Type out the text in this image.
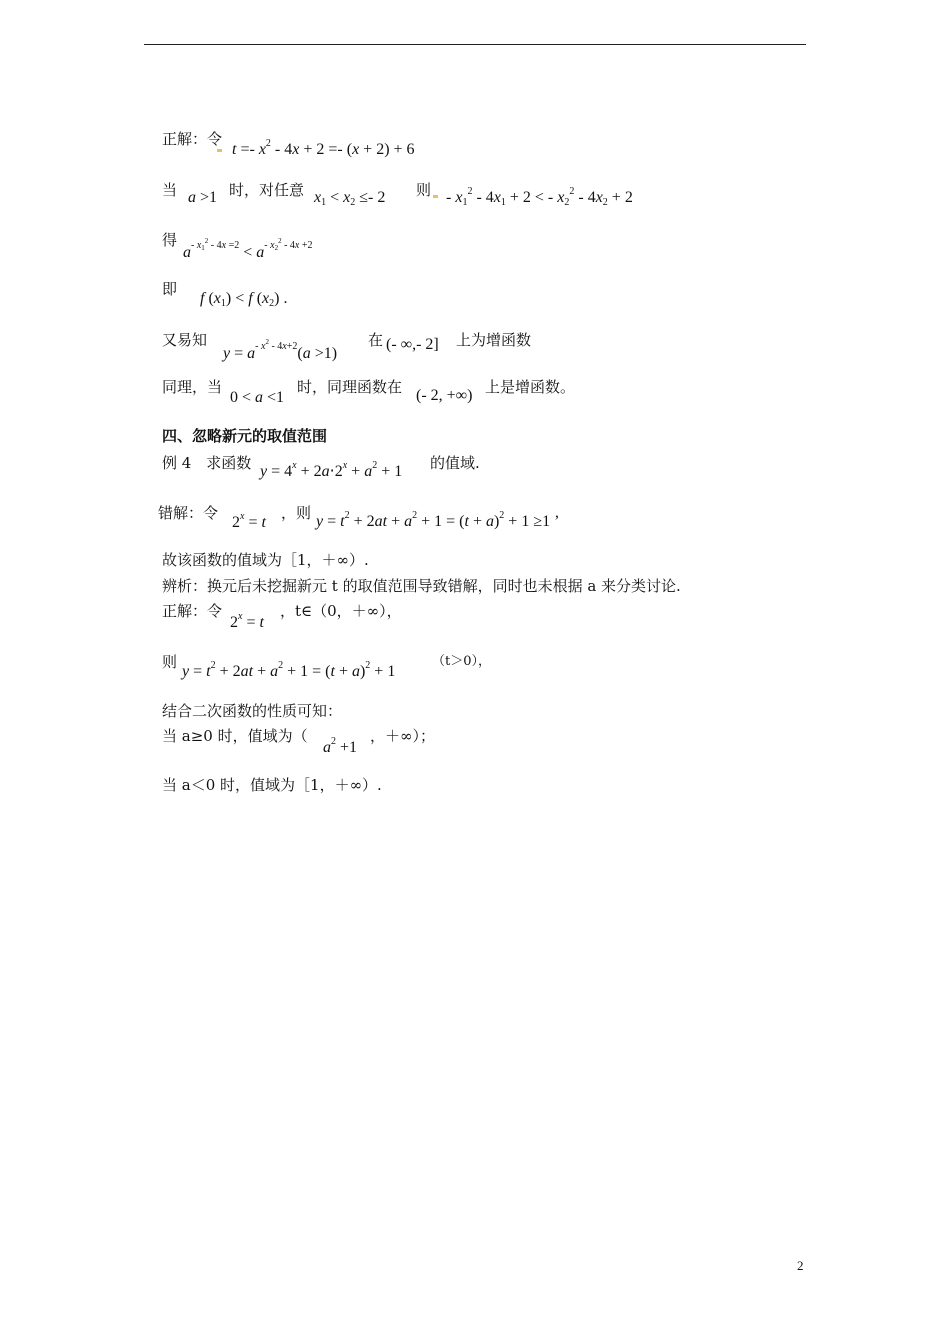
正解：令
$t =- x^2 - 4x + 2 =- (x + 2) + 6$
当 a >1 时，对任意 $x_1 < x_2 \le- 2$ 则 - $x_1^2 - 4x_1 + 2$ < - $x_2^2 - 4x_2 + 2$
得
$a^{- x_1^2 - 4x =2} < a^{- x_2^2 - 4x +2}$
即
f $(x_1) < f$ $(x_2)$ .
又易知
$y = a^{- x^2 - 4x+2}(a >1)$
在 (- ∞,- 2] 上为增函数
同理，当
0 < a <1
时，同理函数在 (- 2, +∞) 上是增函数。
四、忽略新元的取值范围
例 4　求函数 $y = 4^x + 2a\cdot 2^x + a^2 + 1$ 的值域.
错解：令
$2^x = t$
，则 $y = t^2 + 2at + a^2 + 1 = (t + a)^2 + 1 \ge 1$ ’
故该函数的值域为［1，＋∞）.
辨析：换元后未挖掘新元 t 的取值范围导致错解，同时也未根据 a 来分类讨论.
正解：令
$2^x = t$
，t∈（0，＋∞），
则
$y = t^2 + 2at + a^2 + 1 = (t + a)^2 + 1$
（t＞0），
结合二次函数的性质可知：
当 a≥0 时，值域为（
$a^2 +1$
，＋∞）；
当 a＜0 时，值域为［1，＋∞）.
2
